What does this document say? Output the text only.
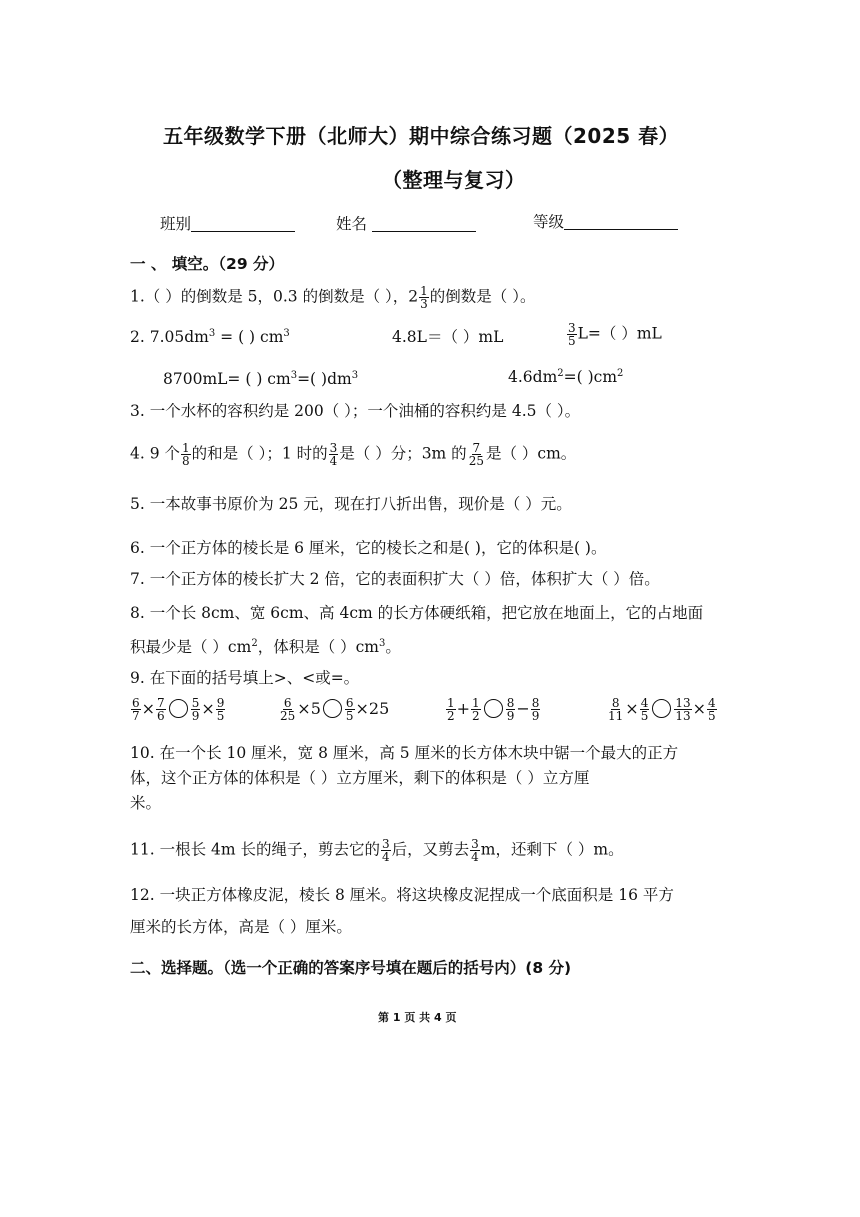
五年级数学下册（北师大）期中综合练习题（2025 春）
（整理与复习）
班别	姓名	等级
一 、 填空。（29 分）
1.（ ）的倒数是 5，0.3 的倒数是（ ），$2 \frac{1}{3}$ 的倒数是（ ）。
2. $7.05dm^3$ = ( ) $cm^3$	4.8L＝（ ）mL	$\frac{3}{5} L=$（ ）mL
8700mL= ( ) $cm^3=$( )$dm^3$	$4.6dm^2=$( )$cm^2$
3. 一个水杯的容积约是 200（ ）；一个油桶的容积约是 4.5（ ）。
4. 9 个 $\frac{1}{8}$ 的和是（ ）；1 时的 $\frac{3}{4}$ 是（ ）分；3m 的 $\frac{7}{25}$ 是（ ）cm。
5. 一本故事书原价为 25 元，现在打八折出售，现价是（ ）元。
6. 一个正方体的棱长是 6 厘米，它的棱长之和是( )，它的体积是( )。
7. 一个正方体的棱长扩大 2 倍，它的表面积扩大（ ）倍，体积扩大（ ）倍。
8. 一个长 8cm、宽 6cm、高 4cm 的长方体硬纸箱，把它放在地面上，它的占地面
积最少是（ ）$cm^2$，体积是（ ）$cm^3$。
9. 在下面的括号填上>、<或=。
$\frac{6}{7} \times \frac{7}{6} \frac{5}{9} \times \frac{9}{5}$	$\frac{6}{25} \times 5 \frac{6}{5} \times 25$	$\frac{1}{2} + \frac{1}{2} \frac{8}{9} - \frac{8}{9}$	$\frac{8}{11} \times \frac{4}{5} \frac{13}{13} \times \frac{4}{5}$
10. 在一个长 10 厘米，宽 8 厘米，高 5 厘米的长方体木块中锯一个最大的正方
体，这个正方体的体积是（ ）立方厘米，剩下的体积是（ ）立方厘
米。
11. 一根长 4m 长的绳子，剪去它的 $\frac{3}{4}$ 后，又剪去 $\frac{3}{4}$ m，还剩下（ ）m。
12. 一块正方体橡皮泥，棱长 8 厘米。将这块橡皮泥捏成一个底面积是 16 平方
厘米的长方体，高是（ ）厘米。
二、选择题。（选一个正确的答案序号填在题后的括号内）(8 分)
第 1 页 共 4 页
